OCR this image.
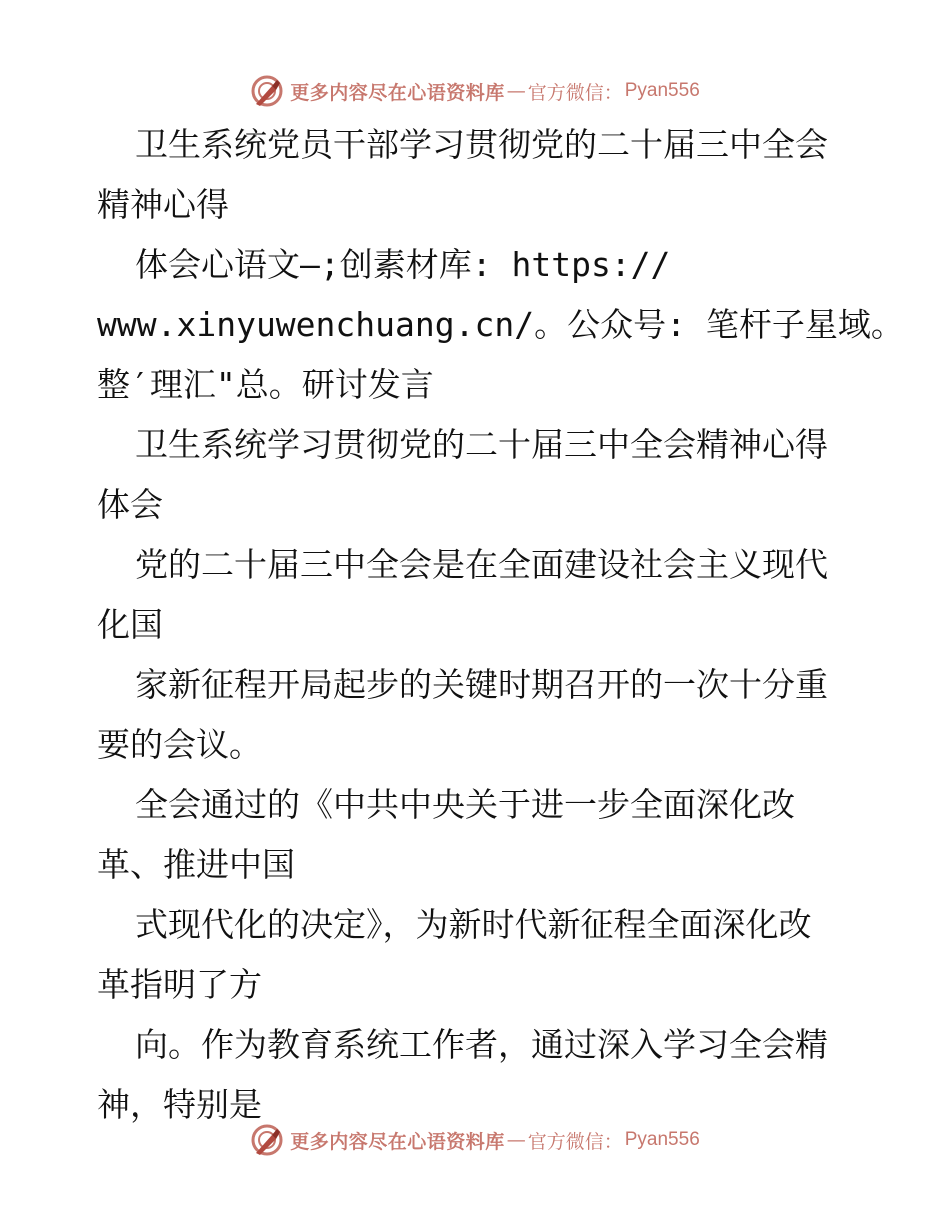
更多内容尽在心语资料库 — 官方微信： Pyan556
卫生系统党员干部学习贯彻党的二十届三中全会
精神心得
体会心语文—;创素材库: https://
www.xinyuwenchuang.cn/。公众号: 笔杆子星域。
整′理汇"总。研讨发言
卫生系统学习贯彻党的二十届三中全会精神心得
体会
党的二十届三中全会是在全面建设社会主义现代
化国
家新征程开局起步的关键时期召开的一次十分重
要的会议。
全会通过的《中共中央关于进一步全面深化改
革、推进中国
式现代化的决定》，为新时代新征程全面深化改
革指明了方
向。作为教育系统工作者，通过深入学习全会精
神，特别是
更多内容尽在心语资料库 — 官方微信： Pyan556
